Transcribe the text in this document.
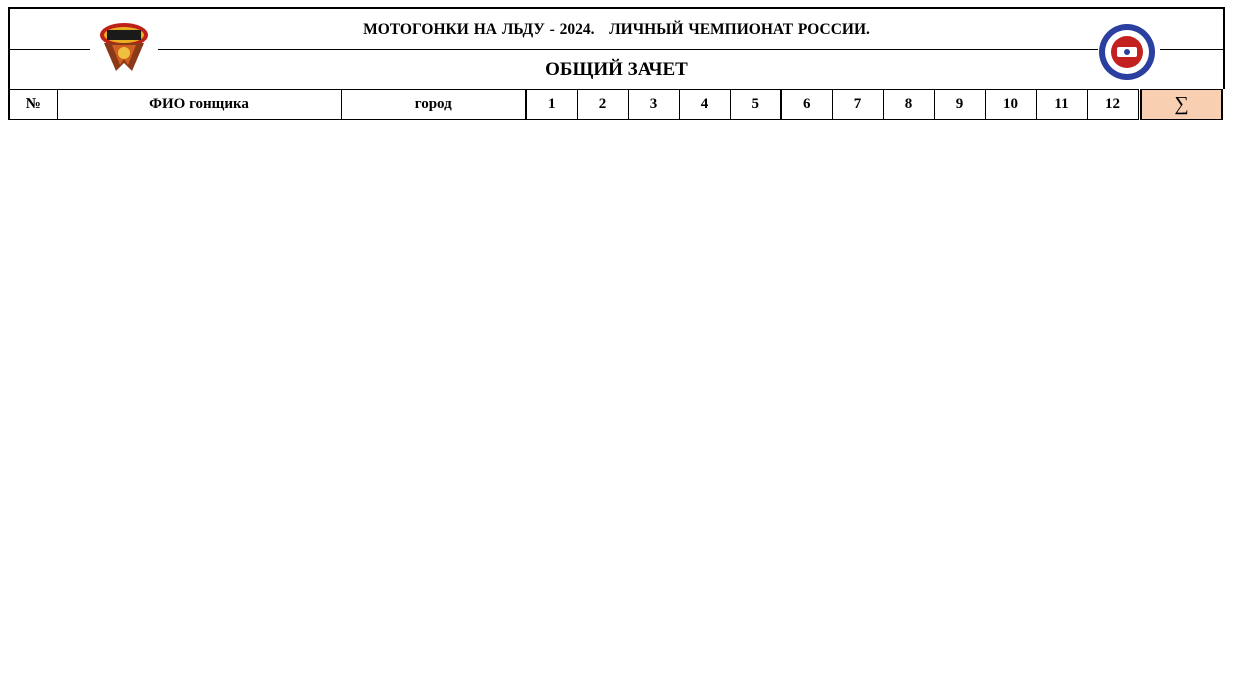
МОТОГОНКИ НА ЛЬДУ - 2024.   ЛИЧНЫЙ ЧЕМПИОНАТ РОССИИ.
ОБЩИЙ ЗАЧЕТ
№	ФИО гонщика	город	1	2	3	4	5	6	7	8	9	10	11	12		∑
